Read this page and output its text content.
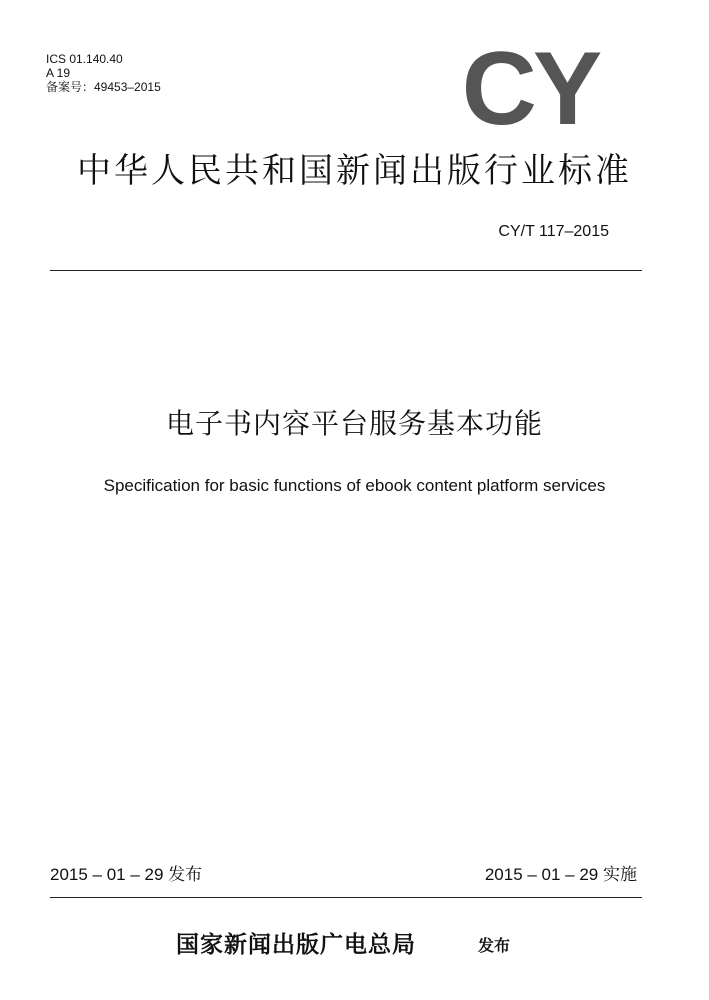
ICS 01.140.40
A 19
备案号：49453–2015	CY
中华人民共和国新闻出版行业标准
CY/T 117–2015
电子书内容平台服务基本功能
Specification for basic functions of ebook content platform services
2015 – 01 – 29 发布	2015 – 01 – 29 实施
国家新闻出版广电总局	发布
